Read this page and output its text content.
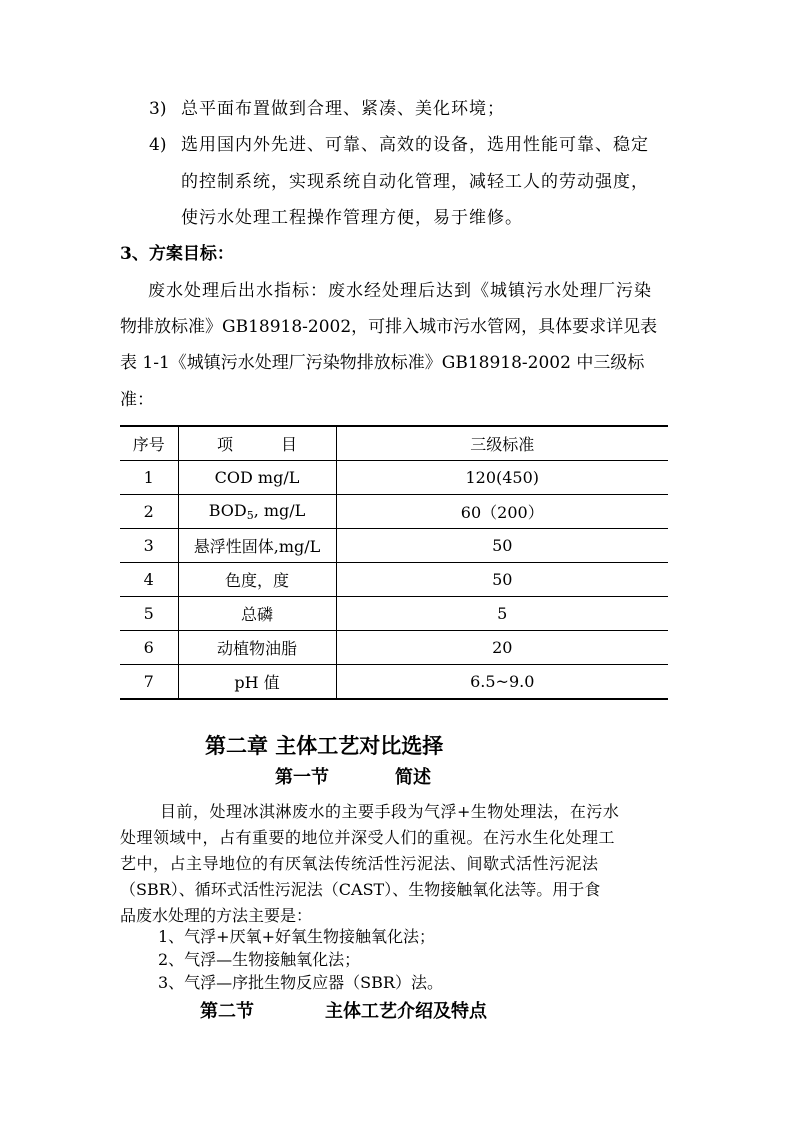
3) 总平面布置做到合理、紧凑、美化环境；
4) 选用国内外先进、可靠、高效的设备，选用性能可靠、稳定
的控制系统，实现系统自动化管理，减轻工人的劳动强度，
使污水处理工程操作管理方便，易于维修。
3、方案目标：
废水处理后出水指标：废水经处理后达到《城镇污水处理厂污染
物排放标准》GB18918-2002，可排入城市污水管网，具体要求详见表
表 1-1《城镇污水处理厂污染物排放标准》GB18918-2002 中三级标
准：
序号	项　　　目	三级标准
1	COD mg/L	120(450)
2	$BOD_5$, mg/L	60（200）
3	悬浮性固体,mg/L	50
4	色度，度	50
5	总磷	5
6	动植物油脂	20
7	pH 值	6.5~9.0
第二章 主体工艺对比选择
第一节	简述
目前，处理冰淇淋废水的主要手段为气浮+生物处理法，在污水
处理领域中，占有重要的地位并深受人们的重视。在污水生化处理工
艺中，占主导地位的有厌氧法传统活性污泥法、间歇式活性污泥法
（SBR）、循环式活性污泥法（CAST）、生物接触氧化法等。用于食
品废水处理的方法主要是：
1、气浮+厌氧+好氧生物接触氧化法；
2、气浮—生物接触氧化法；
3、气浮—序批生物反应器（SBR）法。
第二节	主体工艺介绍及特点
